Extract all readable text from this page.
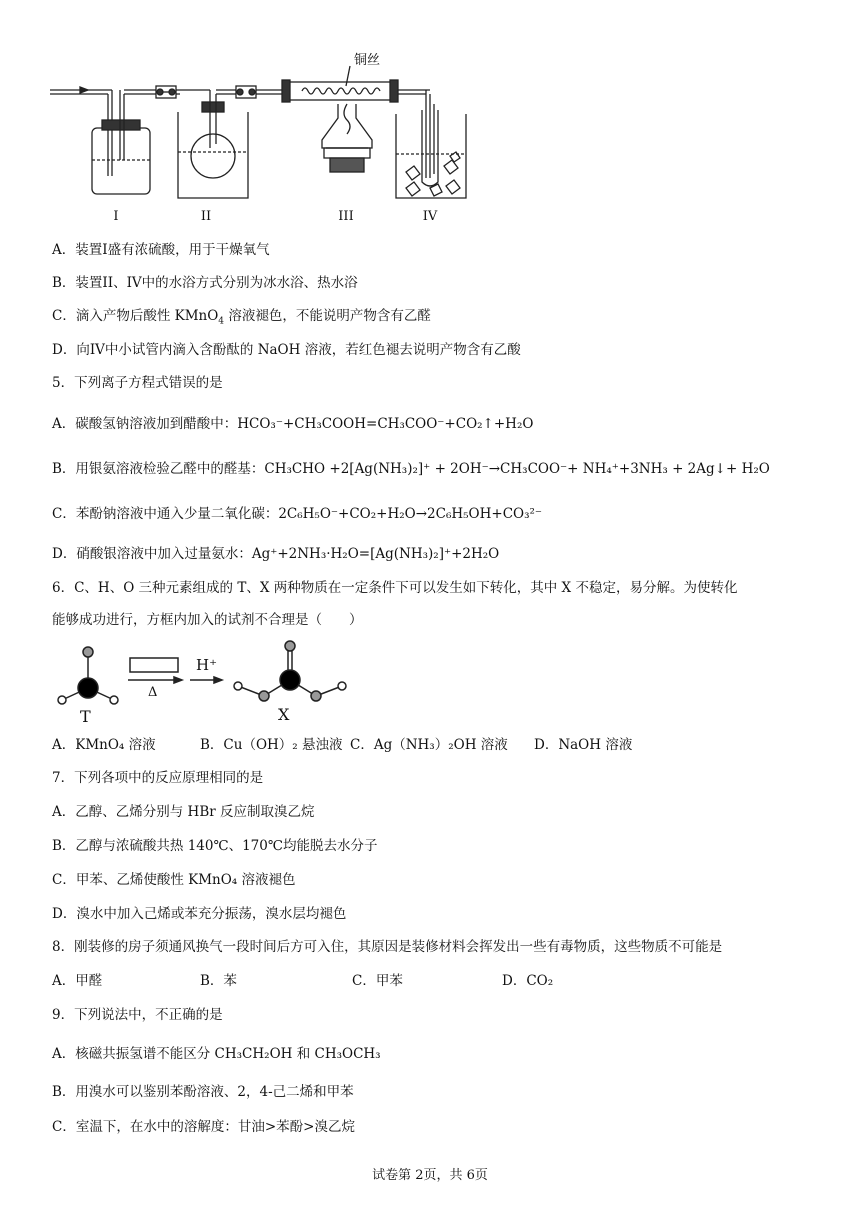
铜丝
I	II	III	IV
A．装置I盛有浓硫酸，用于干燥氧气
B．装置II、IV中的水浴方式分别为冰水浴、热水浴
C．滴入产物后酸性 KMnO$_4$ 溶液褪色，不能说明产物含有乙醛
D．向IV中小试管内滴入含酚酞的 NaOH 溶液，若红色褪去说明产物含有乙酸
5．下列离子方程式错误的是
A．碳酸氢钠溶液加到醋酸中：HCO₃⁻+CH₃COOH=CH₃COO⁻+CO₂↑+H₂O
B．用银氨溶液检验乙醛中的醛基：CH₃CHO +2[Ag(NH₃)₂]⁺ + 2OH⁻→CH₃COO⁻+ NH₄⁺+3NH₃ + 2Ag↓+ H₂O
C．苯酚钠溶液中通入少量二氧化碳：2C₆H₅O⁻+CO₂+H₂O→2C₆H₅OH+CO₃²⁻
D．硝酸银溶液中加入过量氨水：Ag⁺+2NH₃·H₂O=[Ag(NH₃)₂]⁺+2H₂O
6．C、H、O 三种元素组成的 T、X 两种物质在一定条件下可以发生如下转化，其中 X 不稳定，易分解。为使转化
能够成功进行，方框内加入的试剂不合理是（　　）
T
Δ
H⁺
X
A．KMnO₄ 溶液	B．Cu（OH）₂ 悬浊液 C．Ag（NH₃）₂OH 溶液 D．NaOH 溶液
7．下列各项中的反应原理相同的是
A．乙醇、乙烯分别与 HBr 反应制取溴乙烷
B．乙醇与浓硫酸共热 140℃、170℃均能脱去水分子
C．甲苯、乙烯使酸性 KMnO₄ 溶液褪色
D．溴水中加入己烯或苯充分振荡，溴水层均褪色
8．刚装修的房子须通风换气一段时间后方可入住，其原因是装修材料会挥发出一些有毒物质，这些物质不可能是
A．甲醛	B．苯	C．甲苯	D．CO₂
9．下列说法中，不正确的是
A．核磁共振氢谱不能区分 CH₃CH₂OH 和 CH₃OCH₃
B．用溴水可以鉴别苯酚溶液、2，4-己二烯和甲苯
C．室温下，在水中的溶解度：甘油>苯酚>溴乙烷
试卷第 2页，共 6页
